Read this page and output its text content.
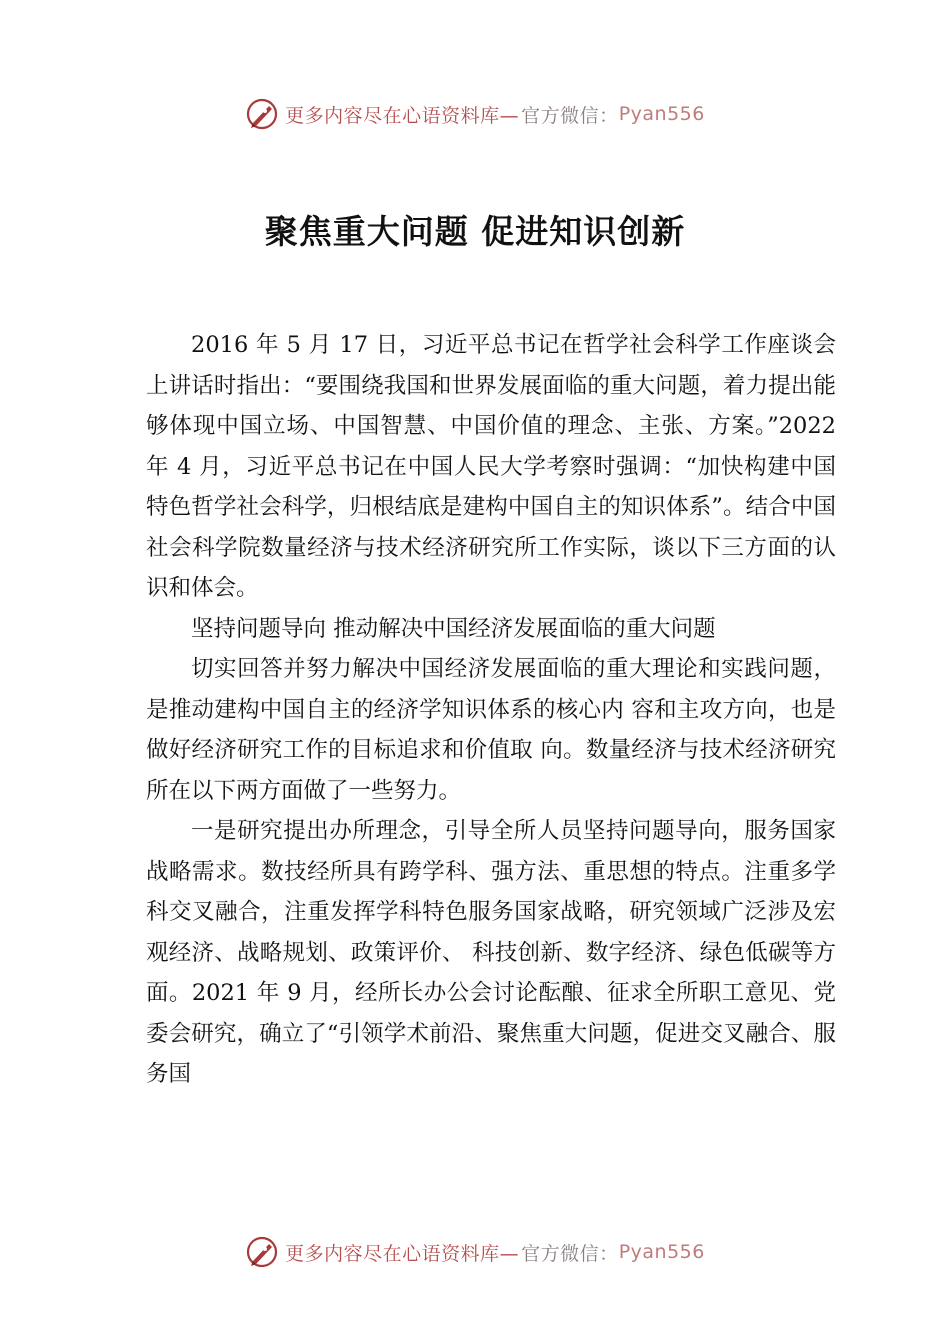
更多内容尽在心语资料库— 官方微信： Pyan556
聚焦重大问题 促进知识创新

2016 年 5 月 17 日，习近平总书记在哲学社会科学工作座谈会上讲话时指出：“要围绕我国和世界发展面临的重大问题，着力提出能够体现中国立场、中国智慧、中国价值的理念、主张、方案。”2022 年 4 月，习近平总书记在中国人民大学考察时强调：“加快构建中国特色哲学社会科学，归根结底是建构中国自主的知识体系”。结合中国社会科学院数量经济与技术经济研究所工作实际，谈以下三方面的认识和体会。

坚持问题导向 推动解决中国经济发展面临的重大问题

切实回答并努力解决中国经济发展面临的重大理论和实践问题，是推动建构中国自主的经济学知识体系的核心内 容和主攻方向，也是做好经济研究工作的目标追求和价值取 向。数量经济与技术经济研究所在以下两方面做了一些努力。

一是研究提出办所理念，引导全所人员坚持问题导向，服务国家战略需求。数技经所具有跨学科、强方法、重思想的特点。注重多学科交叉融合，注重发挥学科特色服务国家战略，研究领域广泛涉及宏观经济、战略规划、政策评价、 科技创新、数字经济、绿色低碳等方面。2021 年 9 月，经所长办公会讨论酝酿、征求全所职工意见、党委会研究，确立了“引领学术前沿、聚焦重大问题，促进交叉融合、服务国

更多内容尽在心语资料库— 官方微信： Pyan556
